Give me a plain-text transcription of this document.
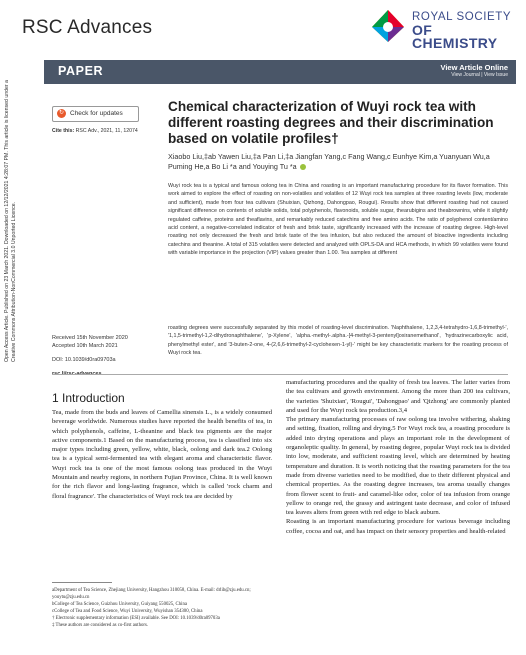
RSC Advances	ROYAL SOCIETY
OF CHEMISTRY
PAPER	View Article Online
View Journal | View Issue
Open Access Article. Published on 23 March 2021. Downloaded on 12/12/2021 4:28:07 PM. This article is licensed under a Creative Commons Attribution-NonCommercial 3.0 Unported Licence.
↻ Check for updates
Cite this: RSC Adv., 2021, 11, 12074
Chemical characterization of Wuyi rock tea with different roasting degrees and their discrimination based on volatile profiles†
Xiaobo Liu,‡ab Yawen Liu,‡a Pan Li,‡a Jiangfan Yang,c Fang Wang,c Eunhye Kim,a Yuanyuan Wu,a Puming He,a Bo Li *a and Youying Tu *a
Wuyi rock tea is a typical and famous oolong tea in China and roasting is an important manufacturing procedure for its flavor formation. This work aimed to explore the effect of roasting on non-volatiles and volatiles of 12 Wuyi rock tea samples at three roasting levels (low, moderate and sufficient), made from four tea cultivars (Shuixian, Qizhong, Dahongpao, Rougui). Results show that different roasting had not caused significant difference on contents of soluble solids, total polyphenols, flavonoids, soluble sugar, thearubigins and theabrownins, while it slightly regulated caffeine, proteins and theaflavins, and remarkably reduced catechins and free amino acids. The ratio of polyphenol content/amino acid content, a negative-correlated indicator of fresh and brisk taste, significantly increased with the increase of roasting degree. High-level roasting not only decreased the fresh and brisk taste of the tea infusion, but also reduced the amount of bioactive ingredients including catechins and theanine. A total of 315 volatiles were detected and analyzed with OPLS-DA and HCA methods, in which 99 volatiles were found with variable importance in the projection (VIP) values greater than 1.00. Tea samples at different
Received 15th November 2020
Accepted 10th March 2021
DOI: 10.1039/d0ra09703a
rsc.li/rsc-advances
roasting degrees were successfully separated by this model of roasting-level discrimination. 'Naphthalene, 1,2,3,4-tetrahydro-1,6,8-trimethyl-', '1,1,5-trimethyl-1,2-dihydronaphthalene', 'p-Xylene', 'alpha.-methyl-.alpha.-[4-methyl-3-pentenyl]oxiranemethanol', 'hydrazinecarboxylic acid, phenylmethyl ester', and '3-buten-2-one, 4-(2,6,6-trimethyl-2-cyclohexen-1-yl)-' might be key characteristic markers for the roasting process of Wuyi rock tea.
1 Introduction
Tea, made from the buds and leaves of Camellia sinensis L., is a widely consumed beverage worldwide. Numerous studies have reported the health benefits of tea, in which polyphenols, caffeine, L-theanine and black tea pigments are the major active components.1 Based on the manufacturing process, tea is classified into six major types including green, yellow, white, black, oolong and dark tea.2 Oolong tea is a typical semi-fermented tea with elegant aroma and characteristic flavor. Wuyi rock tea is one of the most famous oolong teas produced in the Wuyi Mountain and nearby regions, in northern Fujian Province, China. It is well known for the rich flavor and long-lasting fragrance, which is called 'rock charm and floral fragrance'. The characteristics of Wuyi rock tea are decided by
manufacturing procedures and the quality of fresh tea leaves. The latter varies from the tea cultivars and growth environment. Among the more than 200 tea cultivars, the varieties 'Shuixian', 'Rougui', 'Dahongpao' and 'Qizhong' are commonly planted and used for the Wuyi rock tea production.3,4
The primary manufacturing processes of raw oolong tea involve withering, shaking and setting, fixation, rolling and drying.5 For Wuyi rock tea, a roasting procedure is added into drying operations and plays an important role in the development of organoleptic quality. In general, by roasting degree, popular Wuyi rock tea is divided into low, moderate, and sufficient roasting level, which are determined by heating temperature and duration. It is worth noticing that the roasting parameters for the tea made from diverse varieties need to be modified, due to their different physical and chemical properties. As the roasting degree increases, tea aroma usually changes from flower scent to fruit- and caramel-like odor, color of tea infusion from orange yellow to orange red, the grassy and astringent taste decrease, and color of infused tea leaves alters from green with red edge to black auburn.
Roasting is an important manufacturing procedure for various beverage including coffee, cocoa and oat, and has impact on their sensory properties and health-related
aDepartment of Tea Science, Zhejiang University, Hangzhou 310058, China. E-mail: drlib@zju.edu.cn; youytu@zju.edu.cn
bCollege of Tea Science, Guizhou University, Guiyang 550025, China
cCollege of Tea and Food Science, Wuyi University, Wuyishan 354300, China
† Electronic supplementary information (ESI) available. See DOI: 10.1039/d0ra09703a
‡ These authors are considered as co-first authors.
